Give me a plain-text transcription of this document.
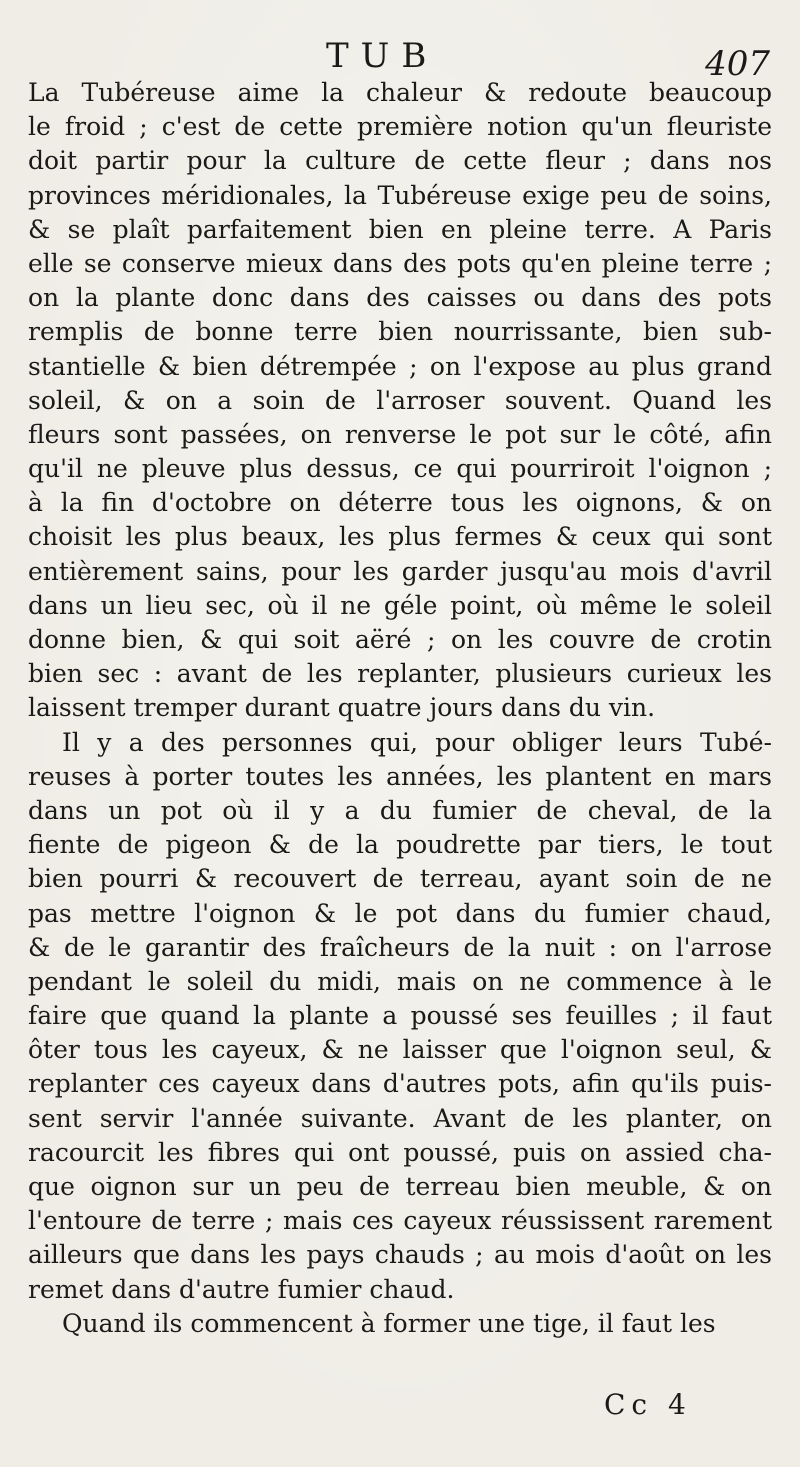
TUB	407
La Tubéreuse aime la chaleur & redoute beaucoup
le froid ; c'est de cette première notion qu'un fleuriste
doit partir pour la culture de cette fleur ; dans nos
provinces méridionales, la Tubéreuse exige peu de soins,
& se plaît parfaitement bien en pleine terre. A Paris
elle se conserve mieux dans des pots qu'en pleine terre ;
on la plante donc dans des caisses ou dans des pots
remplis de bonne terre bien nourrissante, bien sub-
stantielle & bien détrempée ; on l'expose au plus grand
soleil, & on a soin de l'arroser souvent. Quand les
fleurs sont passées, on renverse le pot sur le côté, afin
qu'il ne pleuve plus dessus, ce qui pourriroit l'oignon ;
à la fin d'octobre on déterre tous les oignons, & on
choisit les plus beaux, les plus fermes & ceux qui sont
entièrement sains, pour les garder jusqu'au mois d'avril
dans un lieu sec, où il ne géle point, où même le soleil
donne bien, & qui soit aëré ; on les couvre de crotin
bien sec : avant de les replanter, plusieurs curieux les
laissent tremper durant quatre jours dans du vin.
Il y a des personnes qui, pour obliger leurs Tubé-
reuses à porter toutes les années, les plantent en mars
dans un pot où il y a du fumier de cheval, de la
fiente de pigeon & de la poudrette par tiers, le tout
bien pourri & recouvert de terreau, ayant soin de ne
pas mettre l'oignon & le pot dans du fumier chaud,
& de le garantir des fraîcheurs de la nuit : on l'arrose
pendant le soleil du midi, mais on ne commence à le
faire que quand la plante a poussé ses feuilles ; il faut
ôter tous les cayeux, & ne laisser que l'oignon seul, &
replanter ces cayeux dans d'autres pots, afin qu'ils puis-
sent servir l'année suivante. Avant de les planter, on
racourcit les fibres qui ont poussé, puis on assied cha-
que oignon sur un peu de terreau bien meuble, & on
l'entoure de terre ; mais ces cayeux réussissent rarement
ailleurs que dans les pays chauds ; au mois d'août on les
remet dans d'autre fumier chaud.
Quand ils commencent à former une tige, il faut les
Cc 4
